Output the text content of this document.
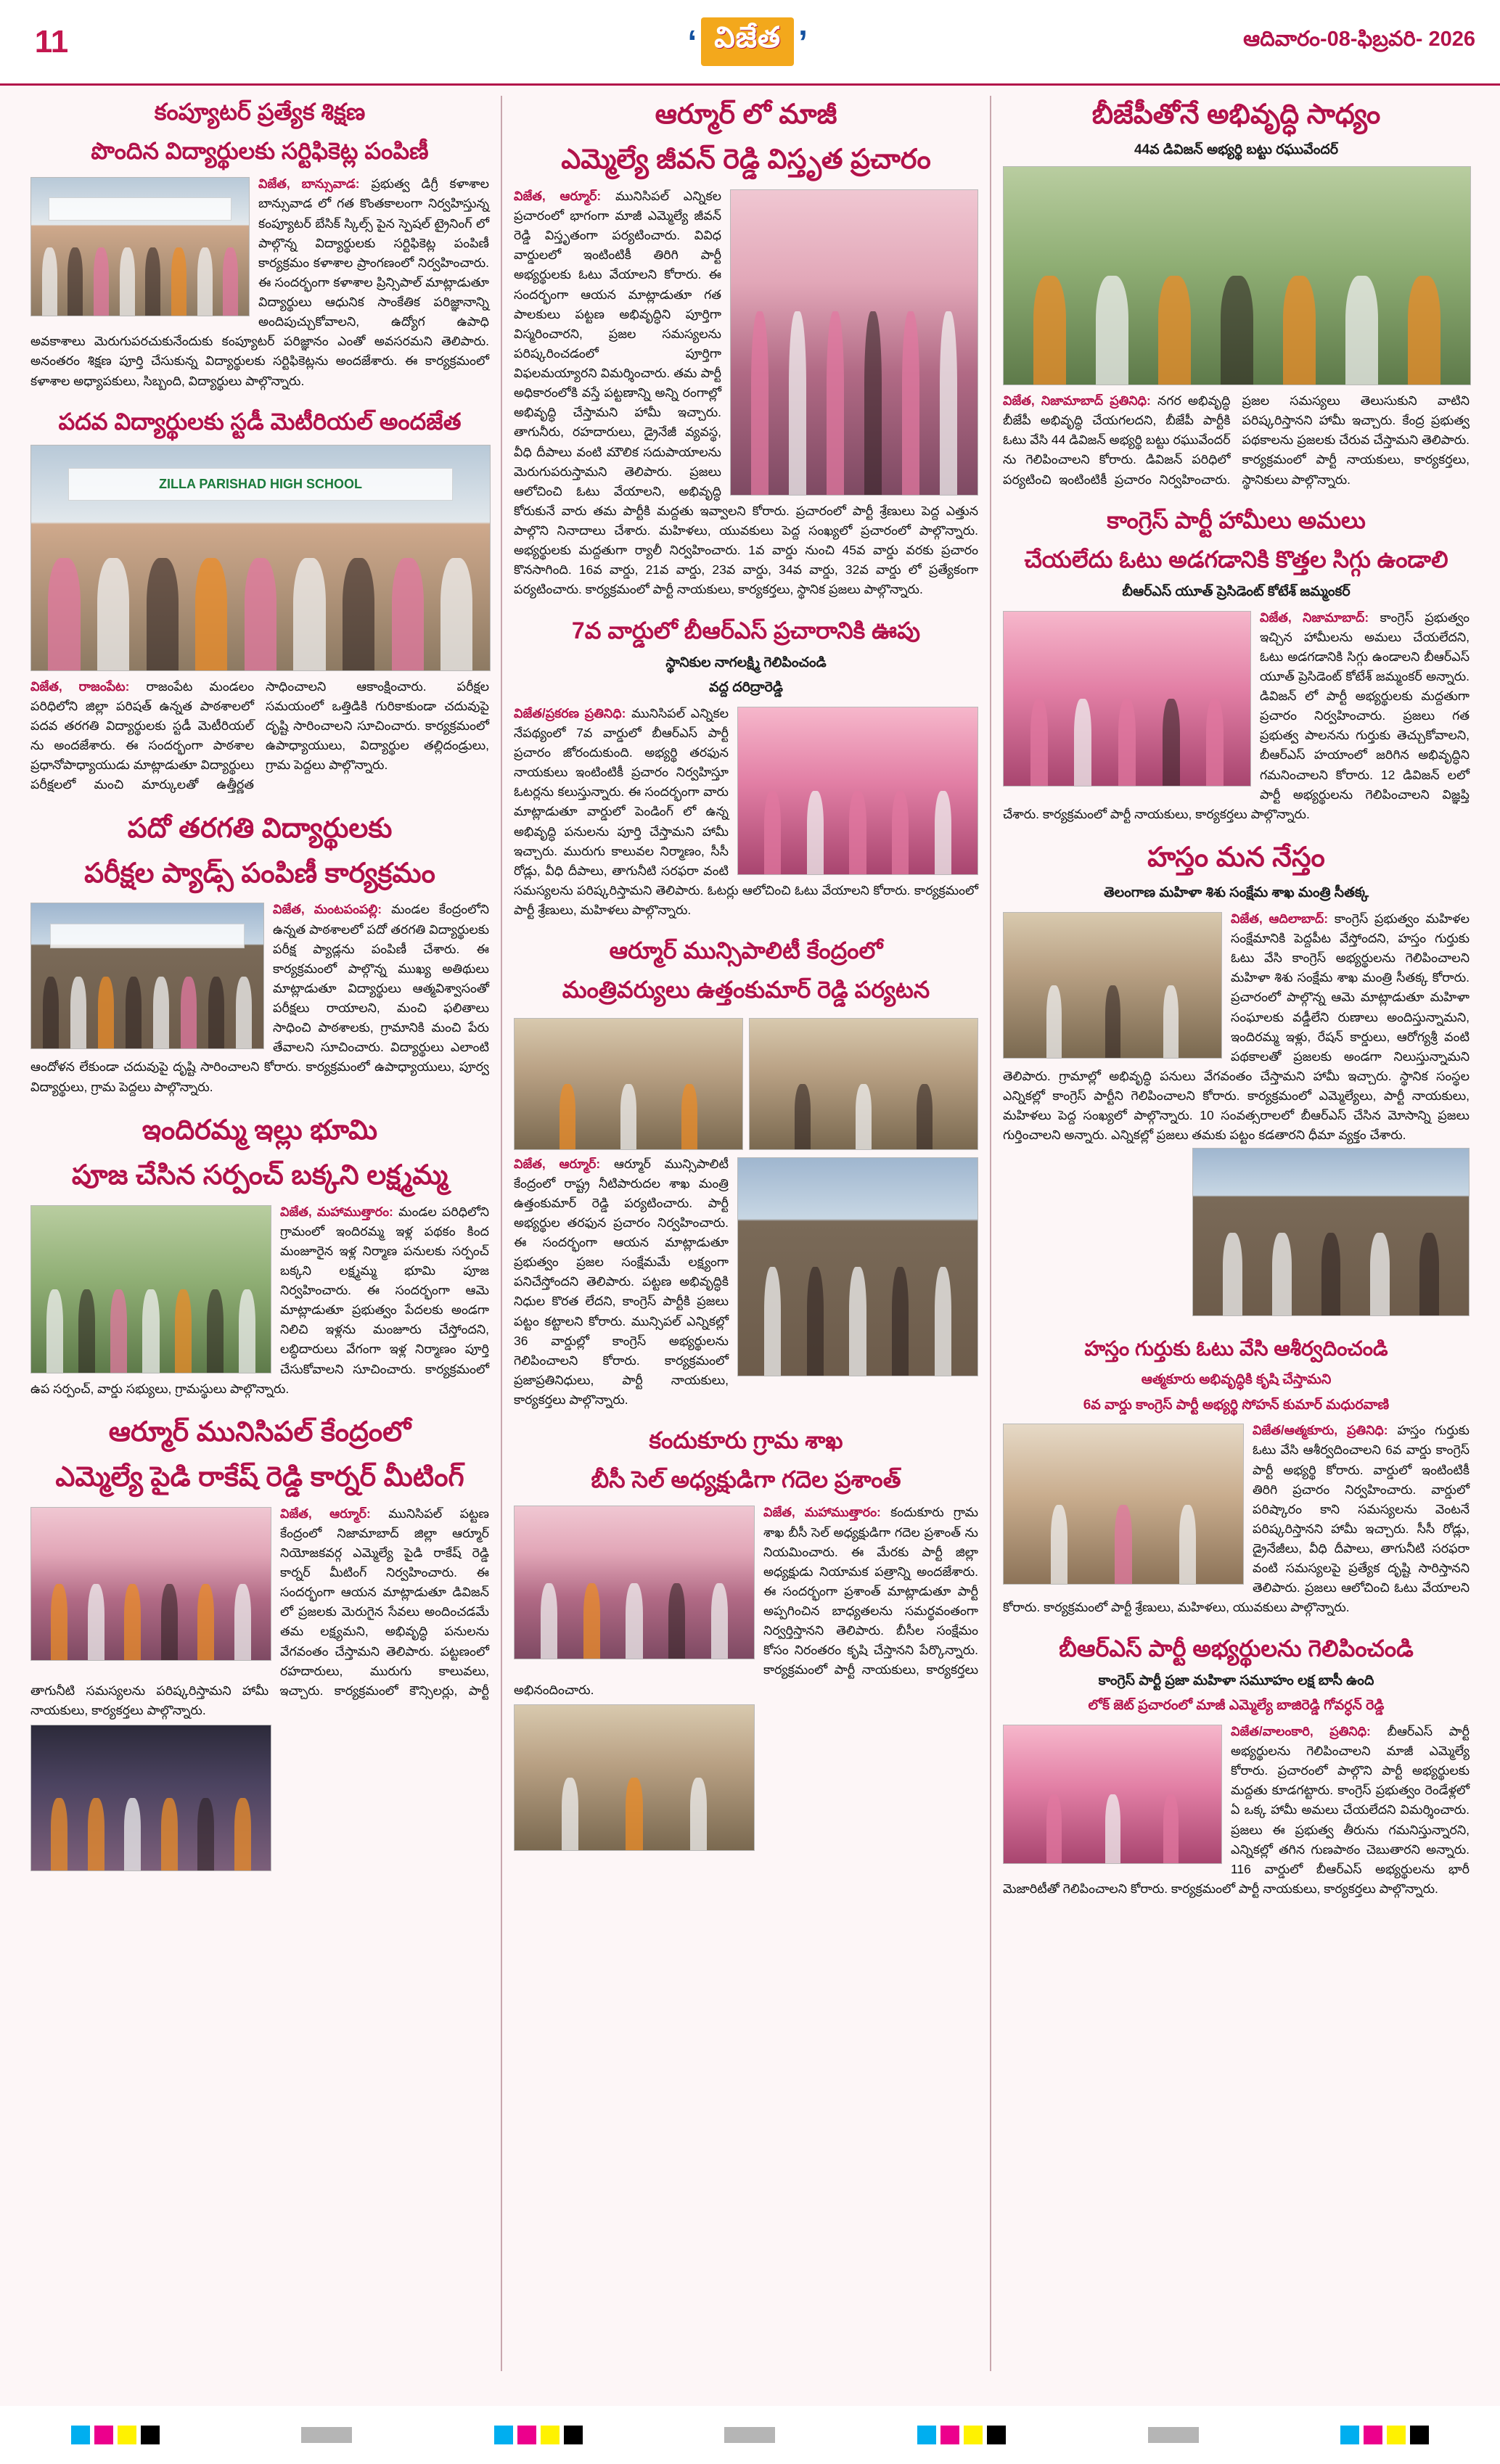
11	‘ విజేత ’	ఆదివారం-08-ఫిబ్రవరి- 2026
కంప్యూటర్ ప్రత్యేక శిక్షణ
పొందిన విద్యార్థులకు సర్టిఫికెట్ల పంపిణీ
విజేత, బాన్సువాడ: ప్రభుత్వ డిగ్రీ కళాశాల బాన్సువాడ లో గత కొంతకాలంగా నిర్వహిస్తున్న కంప్యూటర్ బేసిక్ స్కిల్స్ పైన స్పెషల్ ట్రైనింగ్ లో పాల్గొన్న విద్యార్థులకు సర్టిఫికెట్ల పంపిణీ కార్యక్రమం కళాశాల ప్రాంగణంలో నిర్వహించారు. ఈ సందర్భంగా కళాశాల ప్రిన్సిపాల్ మాట్లాడుతూ విద్యార్థులు ఆధునిక సాంకేతిక పరిజ్ఞానాన్ని అందిపుచ్చుకోవాలని, ఉద్యోగ ఉపాధి అవకాశాలు మెరుగుపరచుకునేందుకు కంప్యూటర్ పరిజ్ఞానం ఎంతో అవసరమని తెలిపారు. అనంతరం శిక్షణ పూర్తి చేసుకున్న విద్యార్థులకు సర్టిఫికెట్లను అందజేశారు. ఈ కార్యక్రమంలో కళాశాల అధ్యాపకులు, సిబ్బంది, విద్యార్థులు పాల్గొన్నారు.
పదవ విద్యార్థులకు స్టడీ మెటీరియల్ అందజేత
ZILLA PARISHAD HIGH SCHOOL
విజేత, రాజంపేట: రాజంపేట మండలం పరిధిలోని జిల్లా పరిషత్ ఉన్నత పాఠశాలలో పదవ తరగతి విద్యార్థులకు స్టడీ మెటీరియల్ ను అందజేశారు. ఈ సందర్భంగా పాఠశాల ప్రధానోపాధ్యాయుడు మాట్లాడుతూ విద్యార్థులు పరీక్షలలో మంచి మార్కులతో ఉత్తీర్ణత సాధించాలని ఆకాంక్షించారు. పరీక్షల సమయంలో ఒత్తిడికి గురికాకుండా చదువుపై దృష్టి సారించాలని సూచించారు. కార్యక్రమంలో ఉపాధ్యాయులు, విద్యార్థుల తల్లిదండ్రులు, గ్రామ పెద్దలు పాల్గొన్నారు.
పదో తరగతి విద్యార్థులకు
పరీక్షల ప్యాడ్స్ పంపిణీ కార్యక్రమం
విజేత, మంటపంపల్లి: మండల కేంద్రంలోని ఉన్నత పాఠశాలలో పదో తరగతి విద్యార్థులకు పరీక్ష ప్యాడ్లను పంపిణీ చేశారు. ఈ కార్యక్రమంలో పాల్గొన్న ముఖ్య అతిథులు మాట్లాడుతూ విద్యార్థులు ఆత్మవిశ్వాసంతో పరీక్షలు రాయాలని, మంచి ఫలితాలు సాధించి పాఠశాలకు, గ్రామానికి మంచి పేరు తేవాలని సూచించారు. విద్యార్థులు ఎలాంటి ఆందోళన లేకుండా చదువుపై దృష్టి సారించాలని కోరారు. కార్యక్రమంలో ఉపాధ్యాయులు, పూర్వ విద్యార్థులు, గ్రామ పెద్దలు పాల్గొన్నారు.
ఇందిరమ్మ ఇల్లు భూమి
పూజ చేసిన సర్పంచ్ బక్కని లక్ష్మమ్మ
విజేత, మహాముత్తారం: మండల పరిధిలోని గ్రామంలో ఇందిరమ్మ ఇళ్ల పథకం కింద మంజూరైన ఇళ్ల నిర్మాణ పనులకు సర్పంచ్ బక్కని లక్ష్మమ్మ భూమి పూజ నిర్వహించారు. ఈ సందర్భంగా ఆమె మాట్లాడుతూ ప్రభుత్వం పేదలకు అండగా నిలిచి ఇళ్లను మంజూరు చేస్తోందని, లబ్ధిదారులు వేగంగా ఇళ్ల నిర్మాణం పూర్తి చేసుకోవాలని సూచించారు. కార్యక్రమంలో ఉప సర్పంచ్, వార్డు సభ్యులు, గ్రామస్థులు పాల్గొన్నారు.
ఆర్మూర్ మునిసిపల్ కేంద్రంలో
ఎమ్మెల్యే పైడి రాకేష్ రెడ్డి కార్నర్ మీటింగ్
విజేత, ఆర్మూర్: మునిసిపల్ పట్టణ కేంద్రంలో నిజామాబాద్ జిల్లా ఆర్మూర్ నియోజకవర్గ ఎమ్మెల్యే పైడి రాకేష్ రెడ్డి కార్నర్ మీటింగ్ నిర్వహించారు. ఈ సందర్భంగా ఆయన మాట్లాడుతూ డివిజన్ లో ప్రజలకు మెరుగైన సేవలు అందించడమే తమ లక్ష్యమని, అభివృద్ధి పనులను వేగవంతం చేస్తామని తెలిపారు. పట్టణంలో రహదారులు, మురుగు కాలువలు, తాగునీటి సమస్యలను పరిష్కరిస్తామని హామీ ఇచ్చారు. కార్యక్రమంలో కౌన్సిలర్లు, పార్టీ నాయకులు, కార్యకర్తలు పాల్గొన్నారు.
ఆర్మూర్ లో మాజీ
ఎమ్మెల్యే జీవన్ రెడ్డి విస్తృత ప్రచారం
విజేత, ఆర్మూర్: మునిసిపల్ ఎన్నికల ప్రచారంలో భాగంగా మాజీ ఎమ్మెల్యే జీవన్ రెడ్డి విస్తృతంగా పర్యటించారు. వివిధ వార్డులలో ఇంటింటికీ తిరిగి పార్టీ అభ్యర్థులకు ఓటు వేయాలని కోరారు. ఈ సందర్భంగా ఆయన మాట్లాడుతూ గత పాలకులు పట్టణ అభివృద్ధిని పూర్తిగా విస్మరించారని, ప్రజల సమస్యలను పరిష్కరించడంలో పూర్తిగా విఫలమయ్యారని విమర్శించారు. తమ పార్టీ అధికారంలోకి వస్తే పట్టణాన్ని అన్ని రంగాల్లో అభివృద్ధి చేస్తామని హామీ ఇచ్చారు. తాగునీరు, రహదారులు, డ్రైనేజీ వ్యవస్థ, వీధి దీపాలు వంటి మౌలిక సదుపాయాలను మెరుగుపరుస్తామని తెలిపారు. ప్రజలు ఆలోచించి ఓటు వేయాలని, అభివృద్ధి కోరుకునే వారు తమ పార్టీకి మద్దతు ఇవ్వాలని కోరారు. ప్రచారంలో పార్టీ శ్రేణులు పెద్ద ఎత్తున పాల్గొని నినాదాలు చేశారు. మహిళలు, యువకులు పెద్ద సంఖ్యలో ప్రచారంలో పాల్గొన్నారు. అభ్యర్థులకు మద్దతుగా ర్యాలీ నిర్వహించారు. 1వ వార్డు నుంచి 45వ వార్డు వరకు ప్రచారం కొనసాగింది. 16వ వార్డు, 21వ వార్డు, 23వ వార్డు, 34వ వార్డు, 32వ వార్డు లో ప్రత్యేకంగా పర్యటించారు. కార్యక్రమంలో పార్టీ నాయకులు, కార్యకర్తలు, స్థానిక ప్రజలు పాల్గొన్నారు.
7వ వార్డులో బీఆర్ఎస్ ప్రచారానికి ఊపు
స్థానికుల నాగలక్ష్మి గెలిపించండి
వద్ద దరిద్రారెడ్డి
విజేత/ప్రకరణ ప్రతినిధి: మునిసిపల్ ఎన్నికల నేపథ్యంలో 7వ వార్డులో బీఆర్ఎస్ పార్టీ ప్రచారం జోరందుకుంది. అభ్యర్థి తరఫున నాయకులు ఇంటింటికీ ప్రచారం నిర్వహిస్తూ ఓటర్లను కలుస్తున్నారు. ఈ సందర్భంగా వారు మాట్లాడుతూ వార్డులో పెండింగ్ లో ఉన్న అభివృద్ధి పనులను పూర్తి చేస్తామని హామీ ఇచ్చారు. మురుగు కాలువల నిర్మాణం, సీసీ రోడ్లు, వీధి దీపాలు, తాగునీటి సరఫరా వంటి సమస్యలను పరిష్కరిస్తామని తెలిపారు. ఓటర్లు ఆలోచించి ఓటు వేయాలని కోరారు. కార్యక్రమంలో పార్టీ శ్రేణులు, మహిళలు పాల్గొన్నారు.
ఆర్మూర్ మున్సిపాలిటీ కేంద్రంలో
మంత్రివర్యులు ఉత్తంకుమార్ రెడ్డి పర్యటన
విజేత, ఆర్మూర్: ఆర్మూర్ మున్సిపాలిటీ కేంద్రంలో రాష్ట్ర నీటిపారుదల శాఖ మంత్రి ఉత్తంకుమార్ రెడ్డి పర్యటించారు. పార్టీ అభ్యర్థుల తరఫున ప్రచారం నిర్వహించారు. ఈ సందర్భంగా ఆయన మాట్లాడుతూ ప్రభుత్వం ప్రజల సంక్షేమమే లక్ష్యంగా పనిచేస్తోందని తెలిపారు. పట్టణ అభివృద్ధికి నిధుల కొరత లేదని, కాంగ్రెస్ పార్టీకి ప్రజలు పట్టం కట్టాలని కోరారు. మున్సిపల్ ఎన్నికల్లో 36 వార్డుల్లో కాంగ్రెస్ అభ్యర్థులను గెలిపించాలని కోరారు. కార్యక్రమంలో ప్రజాప్రతినిధులు, పార్టీ నాయకులు, కార్యకర్తలు పాల్గొన్నారు.
కందుకూరు గ్రామ శాఖ
బీసీ సెల్ అధ్యక్షుడిగా గదెల ప్రశాంత్
విజేత, మహాముత్తారం: కందుకూరు గ్రామ శాఖ బీసీ సెల్ అధ్యక్షుడిగా గదెల ప్రశాంత్ ను నియమించారు. ఈ మేరకు పార్టీ జిల్లా అధ్యక్షుడు నియామక పత్రాన్ని అందజేశారు. ఈ సందర్భంగా ప్రశాంత్ మాట్లాడుతూ పార్టీ అప్పగించిన బాధ్యతలను సమర్థవంతంగా నిర్వర్తిస్తానని తెలిపారు. బీసీల సంక్షేమం కోసం నిరంతరం కృషి చేస్తానని పేర్కొన్నారు. కార్యక్రమంలో పార్టీ నాయకులు, కార్యకర్తలు అభినందించారు.
బీజేపీతోనే అభివృద్ధి సాధ్యం
44వ డివిజన్ అభ్యర్థి బట్టు రఘువేందర్
విజేత, నిజామాబాద్ ప్రతినిధి: నగర అభివృద్ధి బీజేపీ అభివృద్ధి చేయగలదని, బీజేపీ పార్టీకి ఓటు వేసి 44 డివిజన్ అభ్యర్థి బట్టు రఘువేందర్ ను గెలిపించాలని కోరారు. డివిజన్ పరిధిలో పర్యటించి ఇంటింటికీ ప్రచారం నిర్వహించారు. ప్రజల సమస్యలు తెలుసుకుని వాటిని పరిష్కరిస్తానని హామీ ఇచ్చారు. కేంద్ర ప్రభుత్వ పథకాలను ప్రజలకు చేరువ చేస్తామని తెలిపారు. కార్యక్రమంలో పార్టీ నాయకులు, కార్యకర్తలు, స్థానికులు పాల్గొన్నారు.
కాంగ్రెస్ పార్టీ హామీలు అమలు
చేయలేదు ఓటు అడగడానికి కొత్తల సిగ్గు ఉండాలి
బీఆర్ఎస్ యూత్ ప్రెసిడెంట్ కోటేశ్ జమ్మంకర్
విజేత, నిజామాబాద్: కాంగ్రెస్ ప్రభుత్వం ఇచ్చిన హామీలను అమలు చేయలేదని, ఓటు అడగడానికి సిగ్గు ఉండాలని బీఆర్ఎస్ యూత్ ప్రెసిడెంట్ కోటేశ్ జమ్మంకర్ అన్నారు. డివిజన్ లో పార్టీ అభ్యర్థులకు మద్దతుగా ప్రచారం నిర్వహించారు. ప్రజలు గత ప్రభుత్వ పాలనను గుర్తుకు తెచ్చుకోవాలని, బీఆర్ఎస్ హయాంలో జరిగిన అభివృద్ధిని గమనించాలని కోరారు. 12 డివిజన్ లలో పార్టీ అభ్యర్థులను గెలిపించాలని విజ్ఞప్తి చేశారు. కార్యక్రమంలో పార్టీ నాయకులు, కార్యకర్తలు పాల్గొన్నారు.
హస్తం మన నేస్తం
తెలంగాణ మహిళా శిశు సంక్షేమ శాఖ మంత్రి సీతక్క
విజేత, ఆదిలాబాద్: కాంగ్రెస్ ప్రభుత్వం మహిళల సంక్షేమానికి పెద్దపీట వేస్తోందని, హస్తం గుర్తుకు ఓటు వేసి కాంగ్రెస్ అభ్యర్థులను గెలిపించాలని మహిళా శిశు సంక్షేమ శాఖ మంత్రి సీతక్క కోరారు. ప్రచారంలో పాల్గొన్న ఆమె మాట్లాడుతూ మహిళా సంఘాలకు వడ్డీలేని రుణాలు అందిస్తున్నామని, ఇందిరమ్మ ఇళ్లు, రేషన్ కార్డులు, ఆరోగ్యశ్రీ వంటి పథకాలతో ప్రజలకు అండగా నిలుస్తున్నామని తెలిపారు. గ్రామాల్లో అభివృద్ధి పనులు వేగవంతం చేస్తామని హామీ ఇచ్చారు. స్థానిక సంస్థల ఎన్నికల్లో కాంగ్రెస్ పార్టీని గెలిపించాలని కోరారు. కార్యక్రమంలో ఎమ్మెల్యేలు, పార్టీ నాయకులు, మహిళలు పెద్ద సంఖ్యలో పాల్గొన్నారు. 10 సంవత్సరాలలో బీఆర్ఎస్ చేసిన మోసాన్ని ప్రజలు గుర్తించాలని అన్నారు. ఎన్నికల్లో ప్రజలు తమకు పట్టం కడతారని ధీమా వ్యక్తం చేశారు.
హస్తం గుర్తుకు ఓటు వేసి ఆశీర్వదించండి
ఆత్మకూరు అభివృద్ధికి కృషి చేస్తామని
6వ వార్డు కాంగ్రెస్ పార్టీ అభ్యర్థి సోహన్ కుమార్ మధురవాణి
విజేత/ఆత్మకూరు, ప్రతినిధి: హస్తం గుర్తుకు ఓటు వేసి ఆశీర్వదించాలని 6వ వార్డు కాంగ్రెస్ పార్టీ అభ్యర్థి కోరారు. వార్డులో ఇంటింటికీ తిరిగి ప్రచారం నిర్వహించారు. వార్డులో పరిష్కారం కాని సమస్యలను వెంటనే పరిష్కరిస్తానని హామీ ఇచ్చారు. సీసీ రోడ్లు, డ్రైనేజీలు, వీధి దీపాలు, తాగునీటి సరఫరా వంటి సమస్యలపై ప్రత్యేక దృష్టి సారిస్తానని తెలిపారు. ప్రజలు ఆలోచించి ఓటు వేయాలని కోరారు. కార్యక్రమంలో పార్టీ శ్రేణులు, మహిళలు, యువకులు పాల్గొన్నారు.
బీఆర్ఎస్ పార్టీ అభ్యర్థులను గెలిపించండి
కాంగ్రెస్ పార్టీ ప్రజా మహిళా సమూహం లక్ష బాసీ ఉంది
లోక్ జెట్ ప్రచారంలో మాజీ ఎమ్మెల్యే బాజిరెడ్డి గోవర్ధన్ రెడ్డి
విజేత/వాలంకారి, ప్రతినిధి: బీఆర్ఎస్ పార్టీ అభ్యర్థులను గెలిపించాలని మాజీ ఎమ్మెల్యే కోరారు. ప్రచారంలో పాల్గొని పార్టీ అభ్యర్థులకు మద్దతు కూడగట్టారు. కాంగ్రెస్ ప్రభుత్వం రెండేళ్లలో ఏ ఒక్క హామీ అమలు చేయలేదని విమర్శించారు. ప్రజలు ఈ ప్రభుత్వ తీరును గమనిస్తున్నారని, ఎన్నికల్లో తగిన గుణపాఠం చెబుతారని అన్నారు. 116 వార్డులో బీఆర్ఎస్ అభ్యర్థులను భారీ మెజారిటీతో గెలిపించాలని కోరారు. కార్యక్రమంలో పార్టీ నాయకులు, కార్యకర్తలు పాల్గొన్నారు.
